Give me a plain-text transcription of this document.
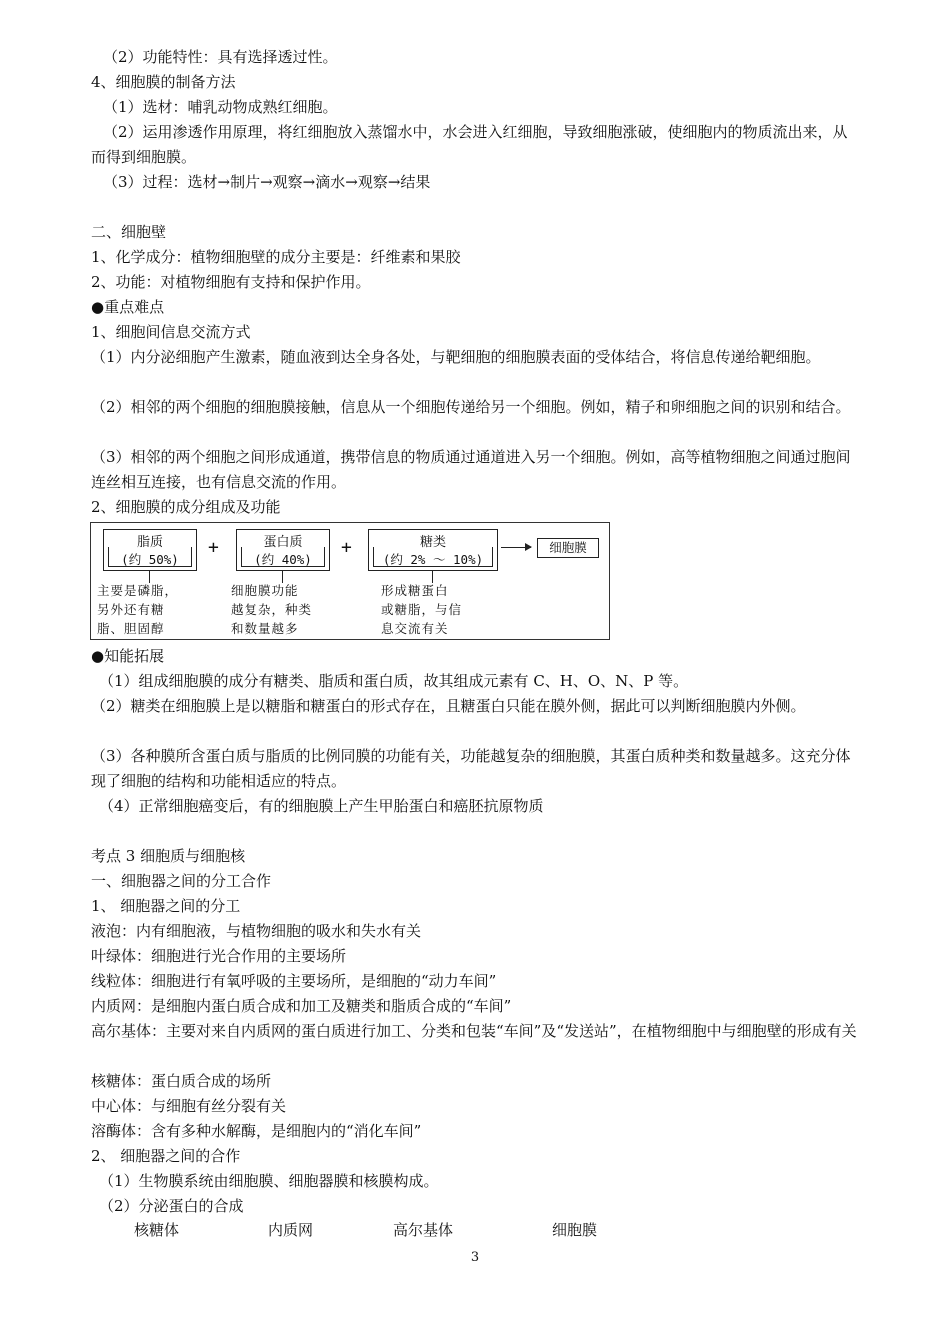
（2）功能特性：具有选择透过性。
4、细胞膜的制备方法
（1）选材：哺乳动物成熟红细胞。
（2）运用渗透作用原理，将红细胞放入蒸馏水中，水会进入红细胞，导致细胞涨破，使细胞内的物质流出来，从而得到细胞膜。
（3）过程：选材→制片→观察→滴水→观察→结果
二、细胞壁
1、化学成分：植物细胞壁的成分主要是：纤维素和果胶
2、功能：对植物细胞有支持和保护作用。
●重点难点
1、细胞间信息交流方式
（1）内分泌细胞产生激素，随血液到达全身各处，与靶细胞的细胞膜表面的受体结合，将信息传递给靶细胞。
（2）相邻的两个细胞的细胞膜接触，信息从一个细胞传递给另一个细胞。例如，精子和卵细胞之间的识别和结合。
（3）相邻的两个细胞之间形成通道，携带信息的物质通过通道进入另一个细胞。例如，高等植物细胞之间通过胞间连丝相互连接，也有信息交流的作用。
2、细胞膜的成分组成及功能
脂质
(约 50%)
+	蛋白质
(约 40%)
+	糖类
(约 2% ～ 10%)
细胞膜
主要是磷脂，
另外还有糖
脂、胆固醇
细胞膜功能
越复杂，种类
和数量越多
形成糖蛋白
或糖脂，与信
息交流有关
●知能拓展
（1）组成细胞膜的成分有糖类、脂质和蛋白质，故其组成元素有 C、H、O、N、P 等。
（2）糖类在细胞膜上是以糖脂和糖蛋白的形式存在，且糖蛋白只能在膜外侧，据此可以判断细胞膜内外侧。
（3）各种膜所含蛋白质与脂质的比例同膜的功能有关，功能越复杂的细胞膜，其蛋白质种类和数量越多。这充分体现了细胞的结构和功能相适应的特点。
（4）正常细胞癌变后，有的细胞膜上产生甲胎蛋白和癌胚抗原物质
考点 3 细胞质与细胞核
一、细胞器之间的分工合作
1、 细胞器之间的分工
液泡：内有细胞液，与植物细胞的吸水和失水有关
叶绿体：细胞进行光合作用的主要场所
线粒体：细胞进行有氧呼吸的主要场所，是细胞的“动力车间”
内质网：是细胞内蛋白质合成和加工及糖类和脂质合成的“车间”
高尔基体：主要对来自内质网的蛋白质进行加工、分类和包装“车间”及“发送站”，在植物细胞中与细胞壁的形成有关
核糖体：蛋白质合成的场所
中心体：与细胞有丝分裂有关
溶酶体：含有多种水解酶，是细胞内的“消化车间”
2、 细胞器之间的合作
（1）生物膜系统由细胞膜、细胞器膜和核膜构成。
（2）分泌蛋白的合成
核糖体	内质网	高尔基体	细胞膜
3
